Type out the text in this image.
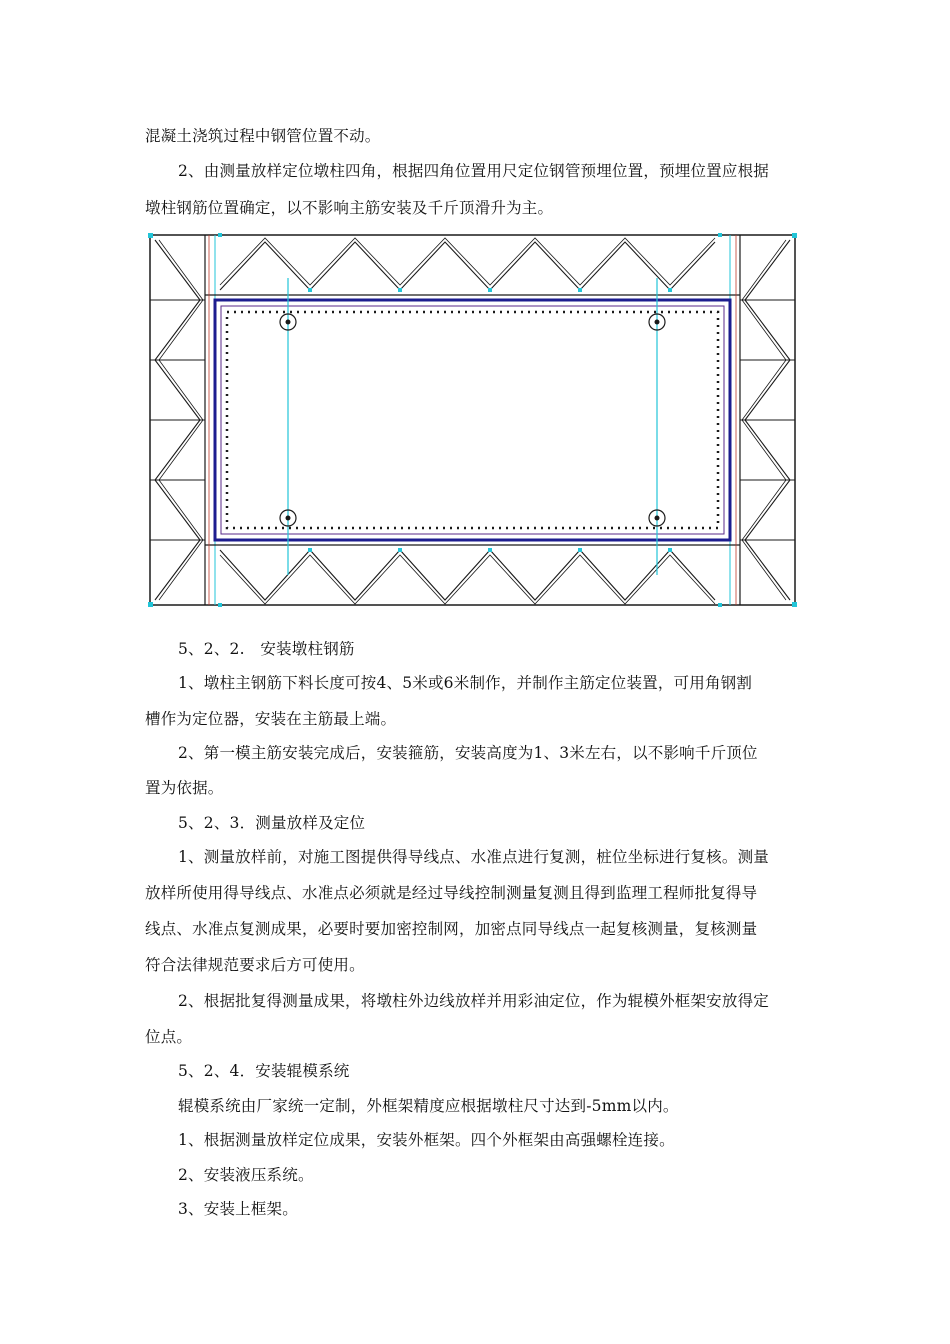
混凝土浇筑过程中钢管位置不动。
2、由测量放样定位墩柱四角，根据四角位置用尺定位钢管预埋位置，预埋位置应根据
墩柱钢筋位置确定，以不影响主筋安装及千斤顶滑升为主。
5、2、2.　安装墩柱钢筋
1、墩柱主钢筋下料长度可按4、5米或6米制作，并制作主筋定位装置，可用角钢割
槽作为定位器，安装在主筋最上端。
2、第一模主筋安装完成后，安装箍筋，安装高度为1、3米左右，以不影响千斤顶位
置为依据。
5、2、3．测量放样及定位
1、测量放样前，对施工图提供得导线点、水准点进行复测，桩位坐标进行复核。测量
放样所使用得导线点、水准点必须就是经过导线控制测量复测且得到监理工程师批复得导
线点、水准点复测成果，必要时要加密控制网，加密点同导线点一起复核测量，复核测量
符合法律规范要求后方可使用。
2、根据批复得测量成果，将墩柱外边线放样并用彩油定位，作为辊模外框架安放得定
位点。
5、2、4．安装辊模系统
辊模系统由厂家统一定制，外框架精度应根据墩柱尺寸达到-5mm以内。
1、根据测量放样定位成果，安装外框架。四个外框架由高强螺栓连接。
2、安装液压系统。
3、安装上框架。
